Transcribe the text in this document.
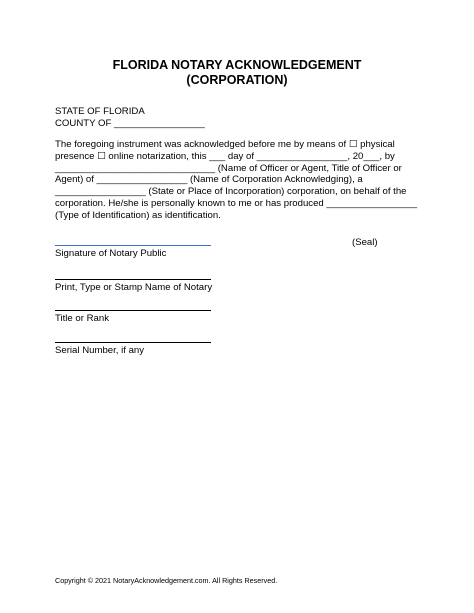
FLORIDA NOTARY ACKNOWLEDGEMENT
(CORPORATION)
STATE OF FLORIDA
COUNTY OF _________________
The foregoing instrument was acknowledged before me by means of ☐ physical
presence ☐ online notarization, this ___ day of _________________, 20___, by
______________________________ (Name of Officer or Agent, Title of Officer or
Agent) of _________________ (Name of Corporation Acknowledging), a
_________________ (State or Place of Incorporation) corporation, on behalf of the
corporation. He/she is personally known to me or has produced _________________
(Type of Identification) as identification.
Signature of Notary Public
(Seal)
Print, Type or Stamp Name of Notary
Title or Rank
Serial Number, if any
Copyright © 2021 NotaryAcknowledgement.com. All Rights Reserved.
